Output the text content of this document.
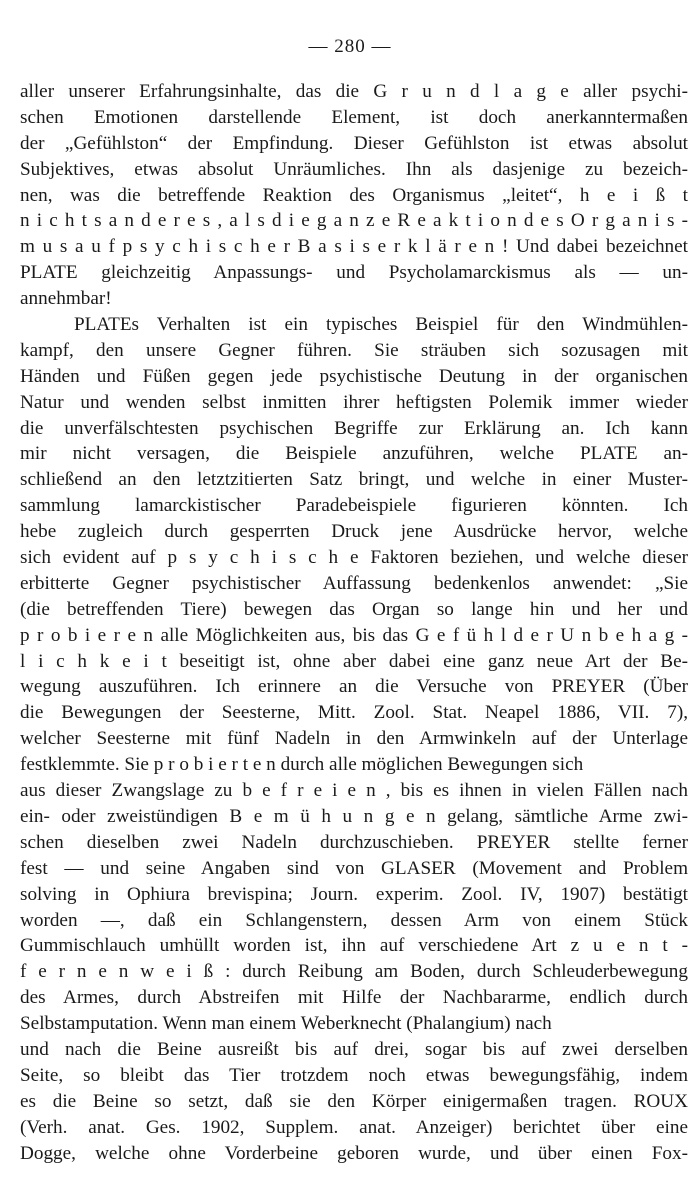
— 280 —
aller unserer Erfahrungsinhalte, das die G r u n d l a g e aller psychi-
schen Emotionen darstellende Element, ist doch anerkanntermaßen
der „Gefühlston“ der Empfindung. Dieser Gefühlston ist etwas absolut
Subjektives, etwas absolut Unräumliches. Ihn als dasjenige zu bezeich-
nen, was die betreffende Reaktion des Organismus „leitet“, h e i ß t
n i c h t s a n d e r e s , a l s d i e g a n z e R e a k t i o n d e s O r g a n i s -
m u s a u f p s y c h i s c h e r B a s i s e r k l ä r e n ! Und dabei bezeichnet
PLATE gleichzeitig Anpassungs- und Psycholamarckismus als — un-
annehmbar!
PLATEs Verhalten ist ein typisches Beispiel für den Windmühlen-
kampf, den unsere Gegner führen. Sie sträuben sich sozusagen mit
Händen und Füßen gegen jede psychistische Deutung in der organischen
Natur und wenden selbst inmitten ihrer heftigsten Polemik immer wieder
die unverfälschtesten psychischen Begriffe zur Erklärung an. Ich kann
mir nicht versagen, die Beispiele anzuführen, welche PLATE an-
schließend an den letztzitierten Satz bringt, und welche in einer Muster-
sammlung lamarckistischer Paradebeispiele figurieren könnten. Ich
hebe zugleich durch gesperrten Druck jene Ausdrücke hervor, welche
sich evident auf p s y c h i s c h e Faktoren beziehen, und welche dieser
erbitterte Gegner psychistischer Auffassung bedenkenlos anwendet: „Sie
(die betreffenden Tiere) bewegen das Organ so lange hin und her und
p r o b i e r e n alle Möglichkeiten aus, bis das G e f ü h l d e r U n b e h a g -
l i c h k e i t beseitigt ist, ohne aber dabei eine ganz neue Art der Be-
wegung auszuführen. Ich erinnere an die Versuche von PREYER (Über
die Bewegungen der Seesterne, Mitt. Zool. Stat. Neapel 1886, VII. 7),
welcher Seesterne mit fünf Nadeln in den Armwinkeln auf der Unterlage
festklemmte. Sie p r o b i e r t e n durch alle möglichen Bewegungen sich
aus dieser Zwangslage zu b e f r e i e n , bis es ihnen in vielen Fällen nach
ein- oder zweistündigen B e m ü h u n g e n gelang, sämtliche Arme zwi-
schen dieselben zwei Nadeln durchzuschieben. PREYER stellte ferner
fest — und seine Angaben sind von GLASER (Movement and Problem
solving in Ophiura brevispina; Journ. experim. Zool. IV, 1907) bestätigt
worden —, daß ein Schlangenstern, dessen Arm von einem Stück
Gummischlauch umhüllt worden ist, ihn auf verschiedene Art z u e n t -
f e r n e n w e i ß : durch Reibung am Boden, durch Schleuderbewegung
des Armes, durch Abstreifen mit Hilfe der Nachbararme, endlich durch
Selbstamputation. Wenn man einem Weberknecht (Phalangium) nach
und nach die Beine ausreißt bis auf drei, sogar bis auf zwei derselben
Seite, so bleibt das Tier trotzdem noch etwas bewegungsfähig, indem
es die Beine so setzt, daß sie den Körper einigermaßen tragen. ROUX
(Verh. anat. Ges. 1902, Supplem. anat. Anzeiger) berichtet über eine
Dogge, welche ohne Vorderbeine geboren wurde, und über einen Fox-
